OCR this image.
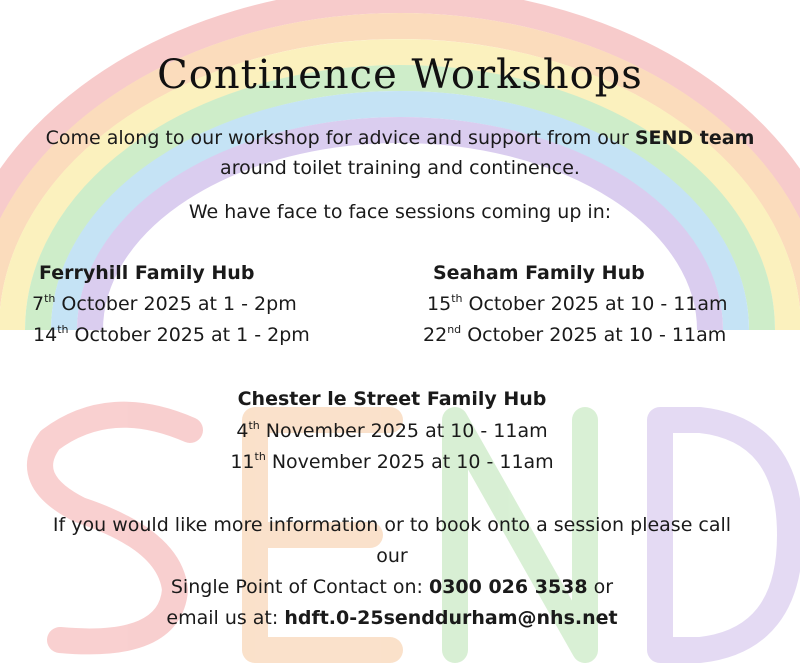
Continence Workshops
Come along to our workshop for advice and support from our SEND team
around toilet training and continence.
We have face to face sessions coming up in:
Ferryhill Family Hub
7th October 2025 at 1 - 2pm
14th October 2025 at 1 - 2pm
Seaham Family Hub
15th October 2025 at 10 - 11am
22nd October 2025 at 10 - 11am
Chester le Street Family Hub
4th November 2025 at 10 - 11am
11th November 2025 at 10 - 11am
If you would like more information or to book onto a session please call
our
Single Point of Contact on: 0300 026 3538 or
email us at: hdft.0-25senddurham@nhs.net
